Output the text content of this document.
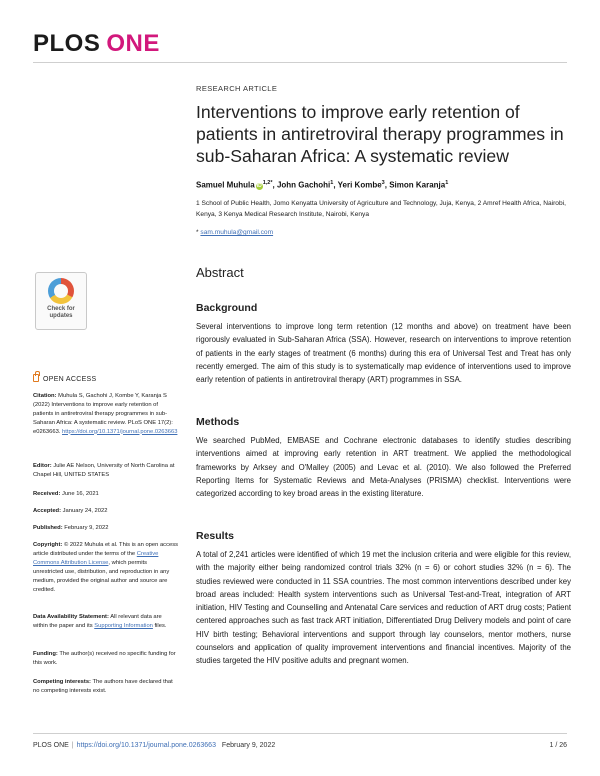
PLOS ONE
RESEARCH ARTICLE
Interventions to improve early retention of patients in antiretroviral therapy programmes in sub-Saharan Africa: A systematic review
Samuel Muhula $iD^{1,2*}$, John Gachohi$^1$, Yeri Kombe$^3$, Simon Karanja$^1$
1 School of Public Health, Jomo Kenyatta University of Agriculture and Technology, Juja, Kenya, 2 Amref Health Africa, Nairobi, Kenya, 3 Kenya Medical Research Institute, Nairobi, Kenya
* sam.muhula@gmail.com
Abstract
Background

Several interventions to improve long term retention (12 months and above) on treatment have been rigorously evaluated in Sub-Saharan Africa (SSA). However, research on interventions to improve retention of patients in the early stages of treatment (6 months) during this era of Universal Test and Treat has only recently emerged. The aim of this study is to systematically map evidence of interventions used to improve early retention of patients in antiretroviral therapy (ART) programmes in SSA.

Methods

We searched PubMed, EMBASE and Cochrane electronic databases to identify studies describing interventions aimed at improving early retention in ART treatment. We applied the methodological frameworks by Arksey and O'Malley (2005) and Levac et al. (2010). We also followed the Preferred Reporting Items for Systematic Reviews and Meta-Analyses (PRISMA) checklist. Interventions were categorized according to key broad areas in the existing literature.

Results

A total of 2,241 articles were identified of which 19 met the inclusion criteria and were eligible for this review, with the majority either being randomized control trials 32% (n = 6) or cohort studies 32% (n = 6). The studies reviewed were conducted in 11 SSA countries. The most common interventions described under key broad areas included: Health system interventions such as Universal Test-and-Treat, integration of ART initiation, HIV Testing and Counselling and Antenatal Care services and reduction of ART drug costs; Patient centered approaches such as fast track ART initiation, Differentiated Drug Delivery models and point of care HIV birth testing; Behavioral interventions and support through lay counselors, mentor mothers, nurse counselors and application of quality improvement interventions and financial incentives. Majority of the studies targeted the HIV positive adults and pregnant women.

Check for
updates
OPEN ACCESS
Citation: Muhula S, Gachohi J, Kombe Y, Karanja S (2022) Interventions to improve early retention of patients in antiretroviral therapy programmes in sub-Saharan Africa: A systematic review. PLoS ONE 17(2): e0263663. https://doi.org/10.1371/journal.pone.0263663
Editor: Julie AE Nelson, University of North Carolina at Chapel Hill, UNITED STATES
Received: June 16, 2021
Accepted: January 24, 2022
Published: February 9, 2022
Copyright: © 2022 Muhula et al. This is an open access article distributed under the terms of the Creative Commons Attribution License, which permits unrestricted use, distribution, and reproduction in any medium, provided the original author and source are credited.
Data Availability Statement: All relevant data are within the paper and its Supporting Information files.
Funding: The author(s) received no specific funding for this work.
Competing interests: The authors have declared that no competing interests exist.
PLOS ONE | https://doi.org/10.1371/journal.pone.0263663 February 9, 2022	1 / 26
